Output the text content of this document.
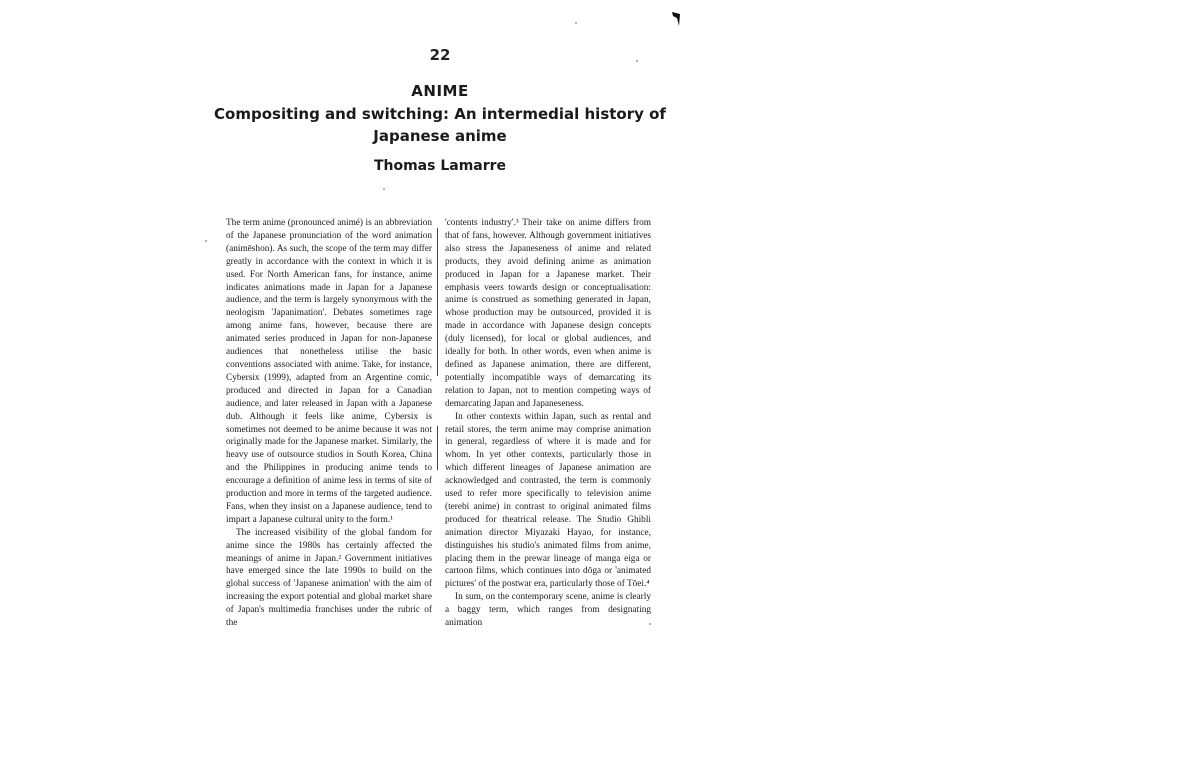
22
ANIME
Compositing and switching: An intermedial history of
Japanese anime
Thomas Lamarre

The term anime (pronounced animé) is an abbreviation of the Japanese pronunciation of the word animation (animēshon). As such, the scope of the term may differ greatly in accordance with the context in which it is used. For North American fans, for instance, anime indicates animations made in Japan for a Japanese audience, and the term is largely synonymous with the neologism 'Japanimation'. Debates sometimes rage among anime fans, however, because there are animated series produced in Japan for non-Japanese audiences that nonetheless utilise the basic conventions associated with anime. Take, for instance, Cybersix (1999), adapted from an Argentine comic, produced and directed in Japan for a Canadian audience, and later released in Japan with a Japanese dub. Although it feels like anime, Cybersix is sometimes not deemed to be anime because it was not originally made for the Japanese market. Similarly, the heavy use of outsource studios in South Korea, China and the Philippines in producing anime tends to encourage a definition of anime less in terms of site of production and more in terms of the targeted audience. Fans, when they insist on a Japanese audience, tend to impart a Japanese cultural unity to the form.¹

The increased visibility of the global fandom for anime since the 1980s has certainly affected the meanings of anime in Japan.² Government initiatives have emerged since the late 1990s to build on the global success of 'Japanese animation' with the aim of increasing the export potential and global market share of Japan's multimedia franchises under the rubric of the

'contents industry'.³ Their take on anime differs from that of fans, however. Although government initiatives also stress the Japaneseness of anime and related products, they avoid defining anime as animation produced in Japan for a Japanese market. Their emphasis veers towards design or conceptualisation: anime is construed as something generated in Japan, whose production may be outsourced, provided it is made in accordance with Japanese design concepts (duly licensed), for local or global audiences, and ideally for both. In other words, even when anime is defined as Japanese animation, there are different, potentially incompatible ways of demarcating its relation to Japan, not to mention competing ways of demarcating Japan and Japaneseness.

In other contexts within Japan, such as rental and retail stores, the term anime may comprise animation in general, regardless of where it is made and for whom. In yet other contexts, particularly those in which different lineages of Japanese animation are acknowledged and contrasted, the term is commonly used to refer more specifically to television anime (terebi anime) in contrast to original animated films produced for theatrical release. The Studio Ghibli animation director Miyazaki Hayao, for instance, distinguishes his studio's animated films from anime, placing them in the prewar lineage of manga eiga or cartoon films, which continues into dōga or 'animated pictures' of the postwar era, particularly those of Tōei.⁴

In sum, on the contemporary scene, anime is clearly a baggy term, which ranges from designating animation
